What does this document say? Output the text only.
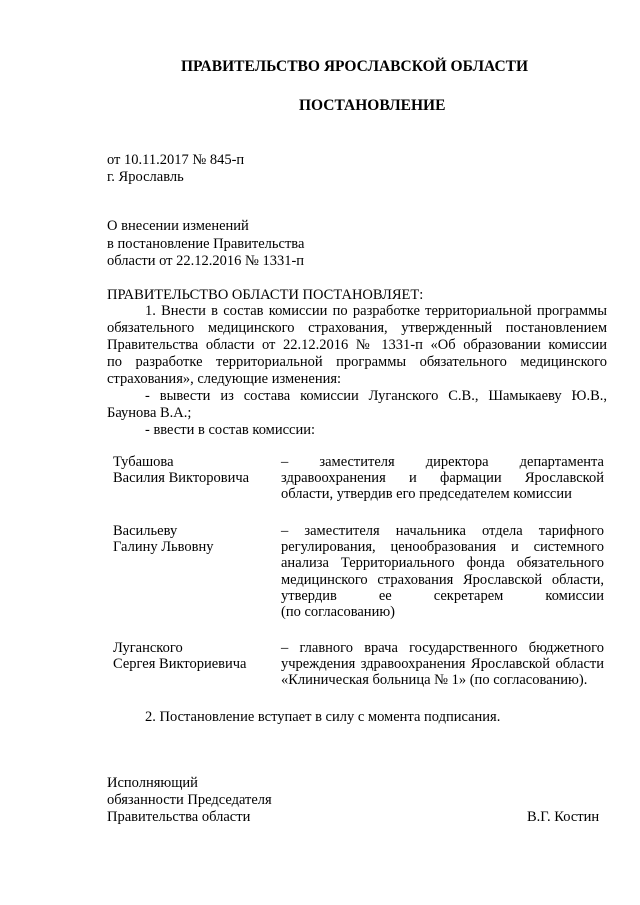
ПРАВИТЕЛЬСТВО ЯРОСЛАВСКОЙ ОБЛАСТИ
ПОСТАНОВЛЕНИЕ
от 10.11.2017 № 845-п
г. Ярославль
О внесении изменений
в постановление Правительства
области от 22.12.2016 № 1331-п
ПРАВИТЕЛЬСТВО ОБЛАСТИ ПОСТАНОВЛЯЕТ:
1. Внести в состав комиссии по разработке территориальной программы
обязательного медицинского страхования, утвержденный постановлением
Правительства области от 22.12.2016 № 1331-п «Об образовании комиссии
по разработке территориальной программы обязательного медицинского
страхования», следующие изменения:
- вывести из состава комиссии Луганского С.В., Шамыкаеву Ю.В.,
Баунова В.А.;
- ввести в состав комиссии:
Тубашова
Василия Викторовича
– заместителя директора департамента
здравоохранения и фармации Ярославской
области, утвердив его председателем комиссии
Васильеву
Галину Львовну
– заместителя начальника отдела тарифного
регулирования, ценообразования и системного
анализа Территориального фонда обязательного
медицинского страхования Ярославской области,
утвердив ее секретарем комиссии
(по согласованию)
Луганского
Сергея Викториевича
– главного врача государственного бюджетного
учреждения здравоохранения Ярославской области
«Клиническая больница № 1» (по согласованию).
2. Постановление вступает в силу с момента подписания.
Исполняющий
обязанности Председателя
Правительства области	В.Г. Костин
